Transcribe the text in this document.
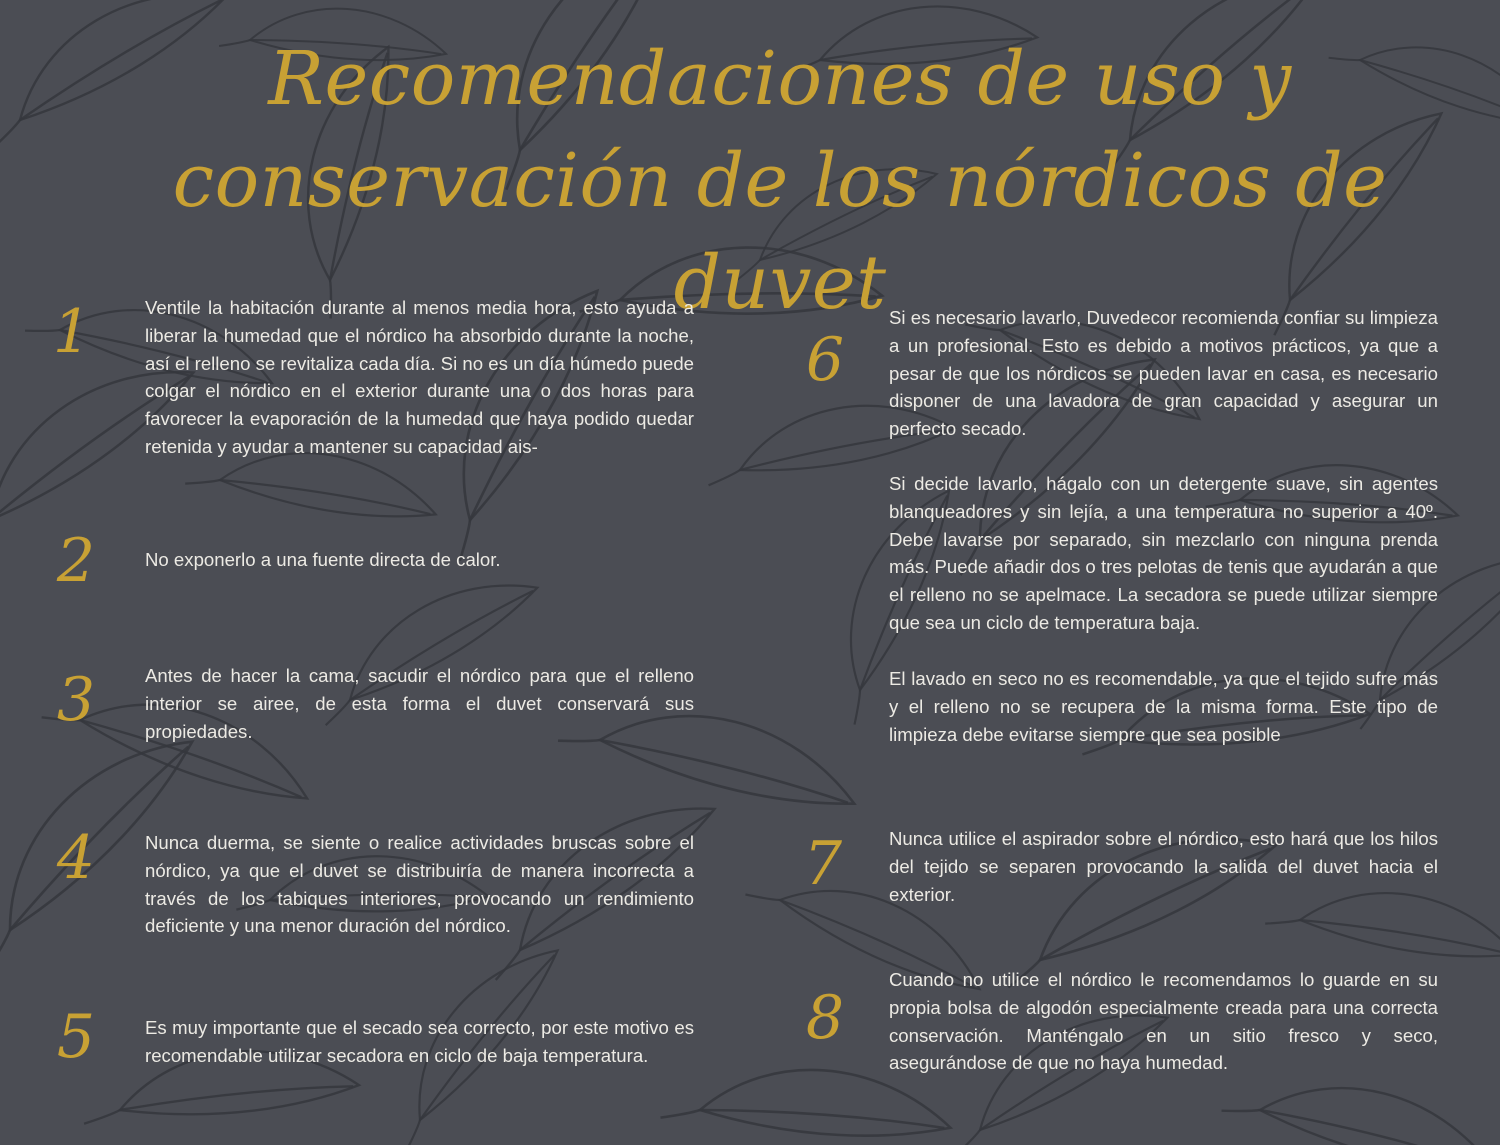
Recomendaciones de uso y conservación de los nórdicos de duvet
1	Ventile la habitación durante al menos media hora, esto ayuda a liberar la humedad que el nórdico ha absorbido durante la noche, así el relleno se revitaliza cada día. Si no es un día húmedo puede colgar el nórdico en el exterior durante una o dos horas para favorecer la evaporación de la humedad que haya podido quedar retenida y ayudar a mantener su capacidad ais-

2	No exponerlo a una fuente directa de calor.

3	Antes de hacer la cama, sacudir el nórdico para que el relleno interior se airee, de esta forma el duvet conservará sus propiedades.

4	Nunca duerma, se siente o realice actividades bruscas sobre el nórdico, ya que el duvet se distribuiría de manera incorrecta a través de los tabiques interiores, provocando un rendimiento deficiente y una menor duración del nórdico.

5	Es muy importante que el secado sea correcto, por este motivo es recomendable utilizar secadora en ciclo de baja temperatura.

6

Si es necesario lavarlo, Duvedecor recomienda confiar su limpieza a un profesional. Esto es debido a motivos prácticos, ya que a pesar de que los nórdicos se pueden lavar en casa, es necesario disponer de una lavadora de gran capacidad y asegurar un perfecto secado.

Si decide lavarlo, hágalo con un detergente suave, sin agentes blanqueadores y sin lejía, a una temperatura no superior a 40º. Debe lavarse por separado, sin mezclarlo con ninguna prenda más. Puede añadir dos o tres pelotas de tenis que ayudarán a que el relleno no se apelmace. La secadora se puede utilizar siempre que sea un ciclo de temperatura baja.

El lavado en seco no es recomendable, ya que el tejido sufre más y el relleno no se recupera de la misma forma. Este tipo de limpieza debe evitarse siempre que sea posible

7	Nunca utilice el aspirador sobre el nórdico, esto hará que los hilos del tejido se separen provocando la salida del duvet hacia el exterior.

8

Cuando no utilice el nórdico le recomendamos lo guarde en su propia bolsa de algodón especialmente creada para una correcta conservación. Manténgalo en un sitio fresco y seco, asegurándose de que no haya humedad.
